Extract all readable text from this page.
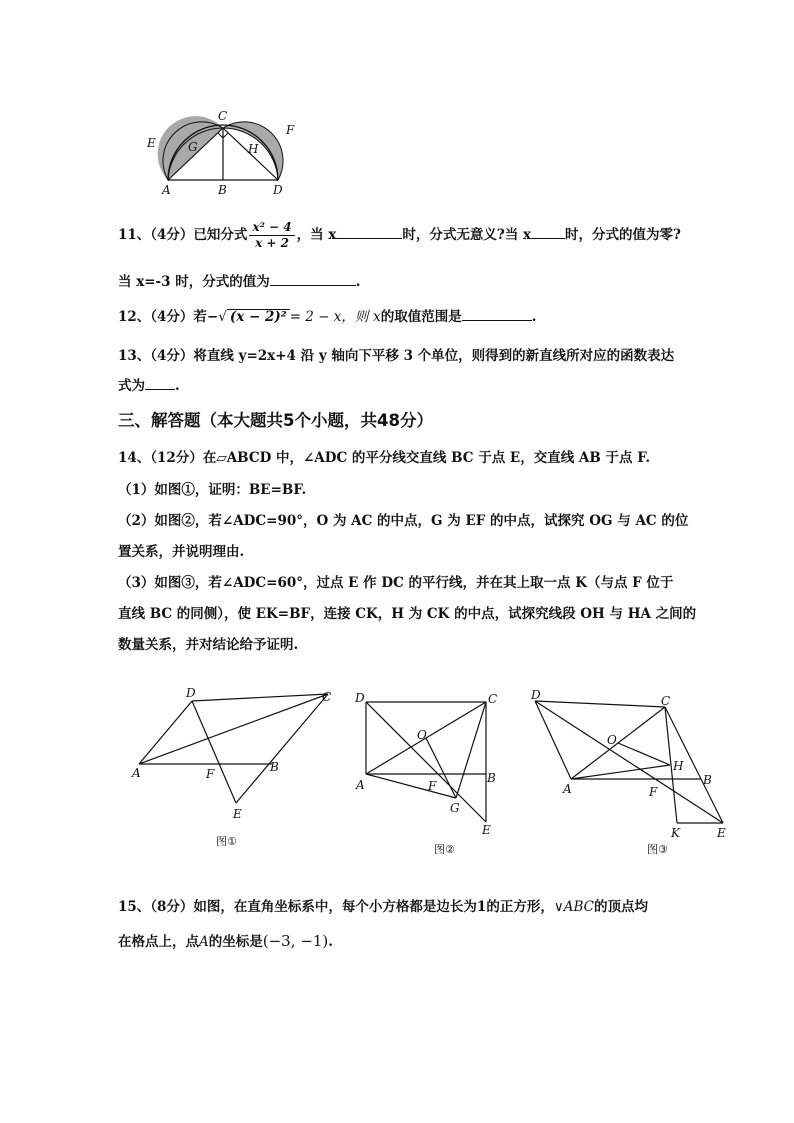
C
E
F
G	H
A	B	D
11、（4分）已知分式 $\frac{\text{x² − 4}}{x + 2}$ ，当 x	时，分式无意义?当 x	时，分式的值为零?
当 x=-3 时，分式的值为	.
12、（4分）若−√ (x − 2)² = 2 − x，则 x的取值范围是	.
13、（4分）将直线 y=2x+4 沿 y 轴向下平移 3 个单位，则得到的新直线所对应的函数表达
式为 .
三、解答题（本大题共5个小题，共48分）
14、（12分）在▱ABCD 中，∠ADC 的平分线交直线 BC 于点 E，交直线 AB 于点 F.
（1）如图①，证明：BE=BF.
（2）如图②，若∠ADC=90°，O 为 AC 的中点，G 为 EF 的中点，试探究 OG 与 AC 的位
置关系，并说明理由.
（3）如图③，若∠ADC=60°，过点 E 作 DC 的平行线，并在其上取一点 K（与点 F 位于
直线 BC 的同侧），使 EK=BF，连接 CK，H 为 CK 的中点，试探究线段 OH 与 HA 之间的
数量关系，并对结论给予证明.
D	C
A	F	B
E
图①
D	C
O
A	F
B
G
E
图②
D	C
O
H
A	F
B
K	E
图③
15、（8分）如图，在直角坐标系中，每个小方格都是边长为1的正方形，∨ABC的顶点均
在格点上，点A的坐标是(−3, −1).
